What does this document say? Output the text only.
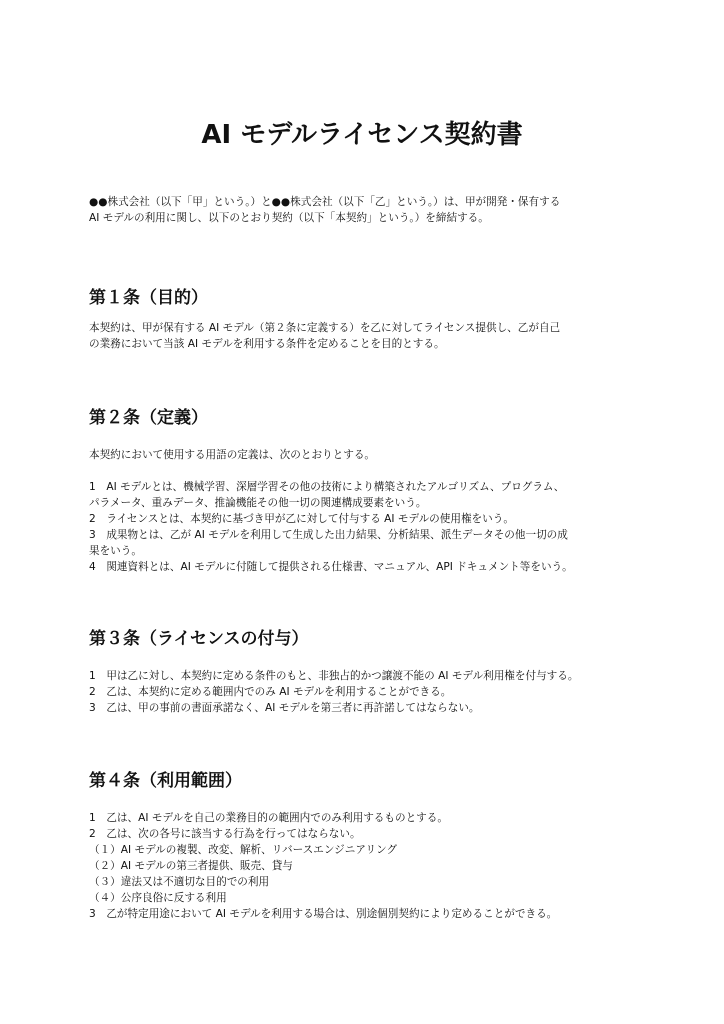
AI モデルライセンス契約書
●●株式会社（以下「甲」という。）と●●株式会社（以下「乙」という。）は、甲が開発・保有する
AI モデルの利用に関し、以下のとおり契約（以下「本契約」という。）を締結する。
第１条（目的）
本契約は、甲が保有する AI モデル（第２条に定義する）を乙に対してライセンス提供し、乙が自己
の業務において当該 AI モデルを利用する条件を定めることを目的とする。
第２条（定義）
本契約において使用する用語の定義は、次のとおりとする。
1　AI モデルとは、機械学習、深層学習その他の技術により構築されたアルゴリズム、プログラム、
パラメータ、重みデータ、推論機能その他一切の関連構成要素をいう。
2　ライセンスとは、本契約に基づき甲が乙に対して付与する AI モデルの使用権をいう。
3　成果物とは、乙が AI モデルを利用して生成した出力結果、分析結果、派生データその他一切の成
果をいう。
4　関連資料とは、AI モデルに付随して提供される仕様書、マニュアル、API ドキュメント等をいう。
第３条（ライセンスの付与）
1　甲は乙に対し、本契約に定める条件のもと、非独占的かつ譲渡不能の AI モデル利用権を付与する。
2　乙は、本契約に定める範囲内でのみ AI モデルを利用することができる。
3　乙は、甲の事前の書面承諾なく、AI モデルを第三者に再許諾してはならない。
第４条（利用範囲）
1　乙は、AI モデルを自己の業務目的の範囲内でのみ利用するものとする。
2　乙は、次の各号に該当する行為を行ってはならない。
（１）AI モデルの複製、改変、解析、リバースエンジニアリング
（２）AI モデルの第三者提供、販売、貸与
（３）違法又は不適切な目的での利用
（４）公序良俗に反する利用
3　乙が特定用途において AI モデルを利用する場合は、別途個別契約により定めることができる。
